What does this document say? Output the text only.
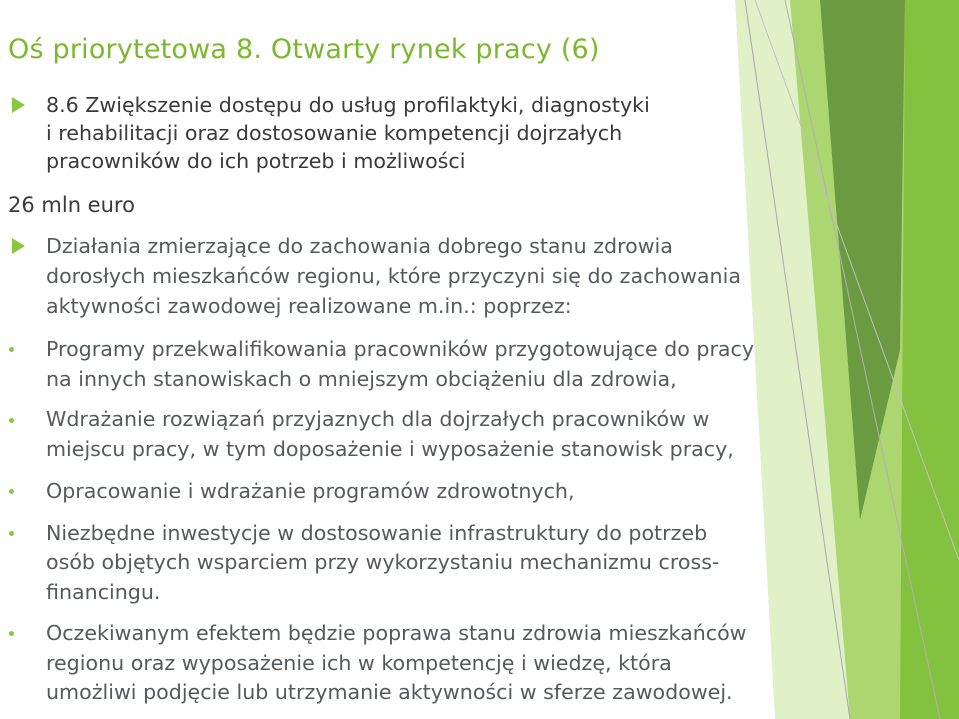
Oś priorytetowa 8. Otwarty rynek pracy (6)
8.6 Zwiększenie dostępu do usług profilaktyki, diagnostyki
i rehabilitacji oraz dostosowanie kompetencji dojrzałych
pracowników do ich potrzeb i możliwości
26 mln euro
Działania zmierzające do zachowania dobrego stanu zdrowia
dorosłych mieszkańców regionu, które przyczyni się do zachowania
aktywności zawodowej realizowane m.in.: poprzez:
Programy przekwalifikowania pracowników przygotowujące do pracy
na innych stanowiskach o mniejszym obciążeniu dla zdrowia,
Wdrażanie rozwiązań przyjaznych dla dojrzałych pracowników w
miejscu pracy, w tym doposażenie i wyposażenie stanowisk pracy,
Opracowanie i wdrażanie programów zdrowotnych,
Niezbędne inwestycje w dostosowanie infrastruktury do potrzeb
osób objętych wsparciem przy wykorzystaniu mechanizmu cross-
financingu.
Oczekiwanym efektem będzie poprawa stanu zdrowia mieszkańców
regionu oraz wyposażenie ich w kompetencję i wiedzę, która
umożliwi podjęcie lub utrzymanie aktywności w sferze zawodowej.
